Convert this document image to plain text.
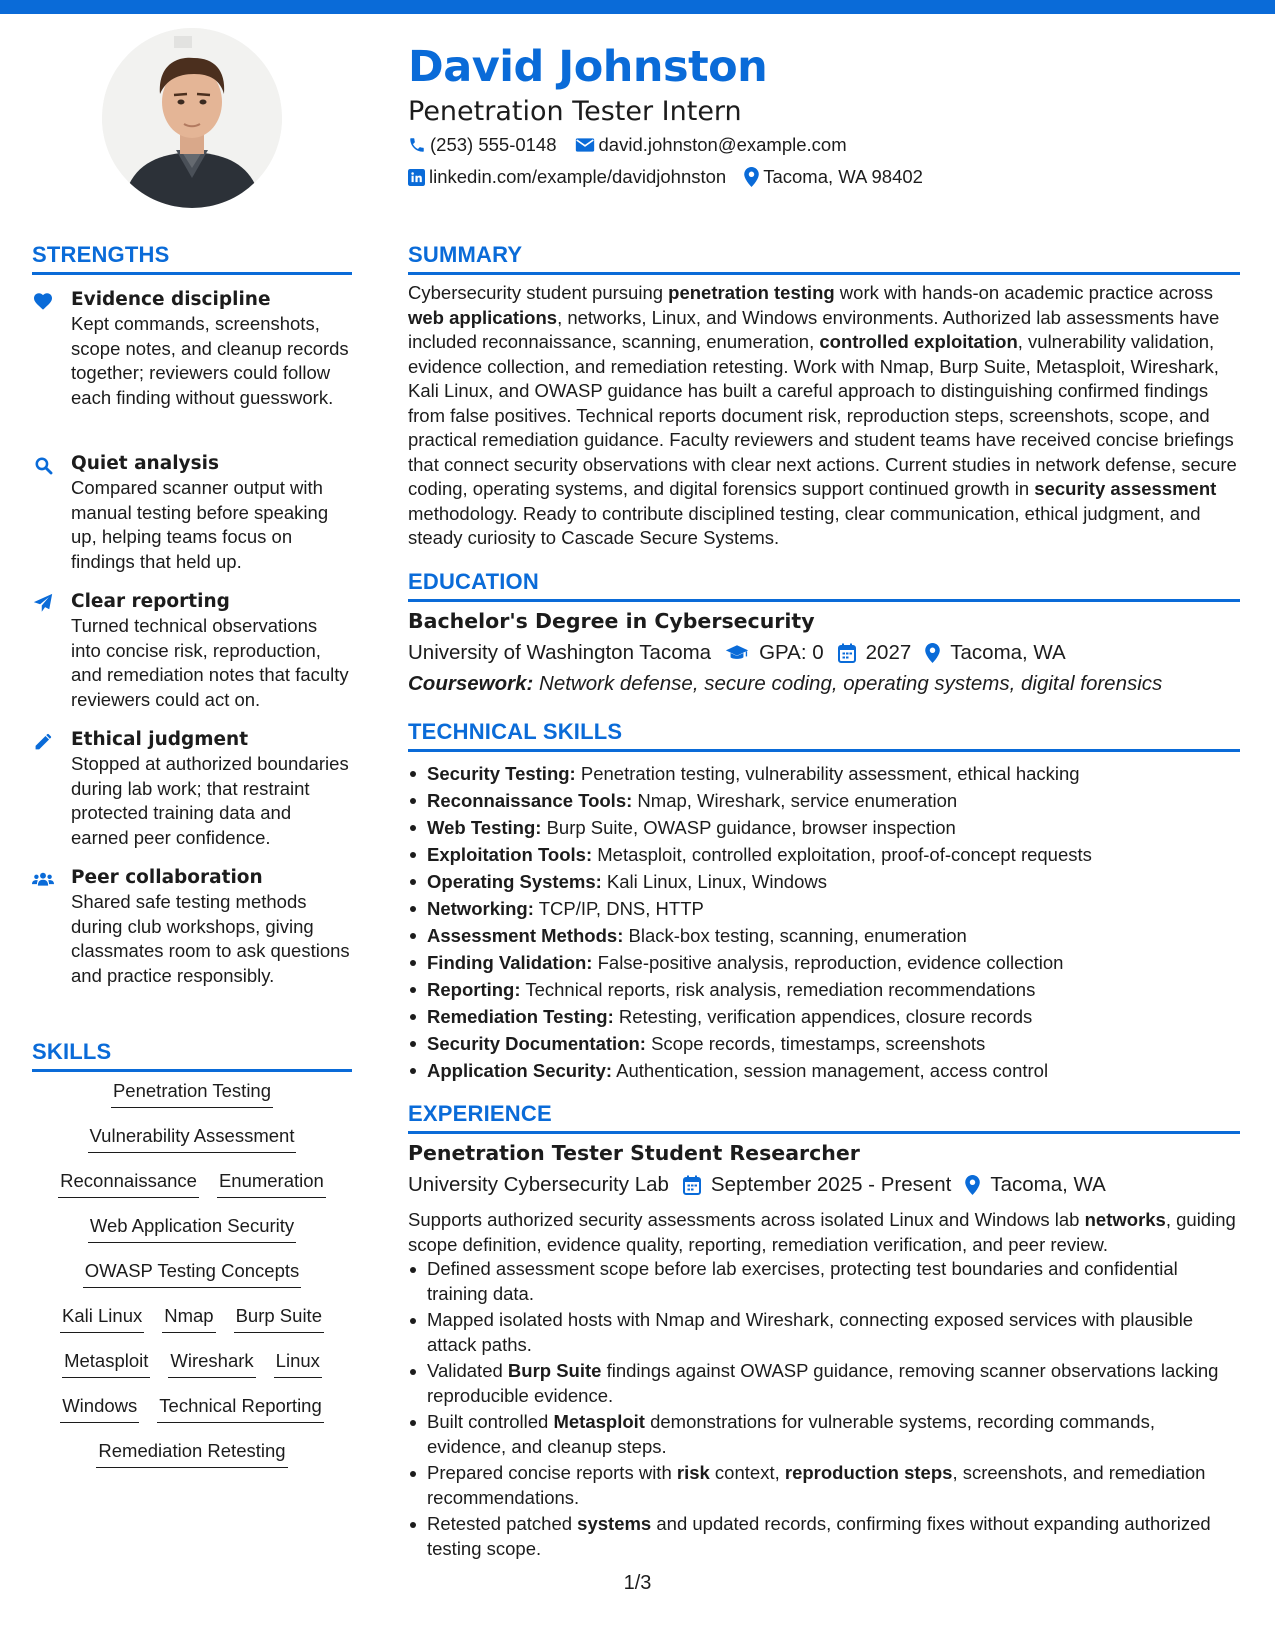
David Johnston
Penetration Tester Intern
(253) 555-0148 david.johnston@example.com
linkedin.com/example/davidjohnston Tacoma, WA 98402
STRENGTHS
Evidence discipline
Kept commands, screenshots, scope notes, and cleanup records together; reviewers could follow each finding without guesswork.
Quiet analysis
Compared scanner output with manual testing before speaking up, helping teams focus on findings that held up.
Clear reporting
Turned technical observations into concise risk, reproduction, and remediation notes that faculty reviewers could act on.
Ethical judgment
Stopped at authorized boundaries during lab work; that restraint protected training data and earned peer confidence.
Peer collaboration
Shared safe testing methods during club workshops, giving classmates room to ask questions and practice responsibly.
SKILLS
Penetration Testing
Vulnerability Assessment
Reconnaissance Enumeration
Web Application Security
OWASP Testing Concepts
Kali Linux Nmap Burp Suite
Metasploit Wireshark Linux
Windows Technical Reporting
Remediation Retesting
SUMMARY
Cybersecurity student pursuing penetration testing work with hands-on academic practice across web applications, networks, Linux, and Windows environments. Authorized lab assessments have included reconnaissance, scanning, enumeration, controlled exploitation, vulnerability validation, evidence collection, and remediation retesting. Work with Nmap, Burp Suite, Metasploit, Wireshark, Kali Linux, and OWASP guidance has built a careful approach to distinguishing confirmed findings from false positives. Technical reports document risk, reproduction steps, screenshots, scope, and practical remediation guidance. Faculty reviewers and student teams have received concise briefings that connect security observations with clear next actions. Current studies in network defense, secure coding, operating systems, and digital forensics support continued growth in security assessment methodology. Ready to contribute disciplined testing, clear communication, ethical judgment, and steady curiosity to Cascade Secure Systems.
EDUCATION
Bachelor's Degree in Cybersecurity
University of Washington Tacoma GPA: 0 2027 Tacoma, WA
Coursework: Network defense, secure coding, operating systems, digital forensics
TECHNICAL SKILLS
Security Testing: Penetration testing, vulnerability assessment, ethical hacking
Reconnaissance Tools: Nmap, Wireshark, service enumeration
Web Testing: Burp Suite, OWASP guidance, browser inspection
Exploitation Tools: Metasploit, controlled exploitation, proof-of-concept requests
Operating Systems: Kali Linux, Linux, Windows
Networking: TCP/IP, DNS, HTTP
Assessment Methods: Black-box testing, scanning, enumeration
Finding Validation: False-positive analysis, reproduction, evidence collection
Reporting: Technical reports, risk analysis, remediation recommendations
Remediation Testing: Retesting, verification appendices, closure records
Security Documentation: Scope records, timestamps, screenshots
Application Security: Authentication, session management, access control
EXPERIENCE
Penetration Tester Student Researcher
University Cybersecurity Lab September 2025 - Present Tacoma, WA
Supports authorized security assessments across isolated Linux and Windows lab networks, guiding scope definition, evidence quality, reporting, remediation verification, and peer review.
Defined assessment scope before lab exercises, protecting test boundaries and confidential training data.
Mapped isolated hosts with Nmap and Wireshark, connecting exposed services with plausible attack paths.
Validated Burp Suite findings against OWASP guidance, removing scanner observations lacking reproducible evidence.
Built controlled Metasploit demonstrations for vulnerable systems, recording commands, evidence, and cleanup steps.
Prepared concise reports with risk context, reproduction steps, screenshots, and remediation recommendations.
Retested patched systems and updated records, confirming fixes without expanding authorized testing scope.
1/3
